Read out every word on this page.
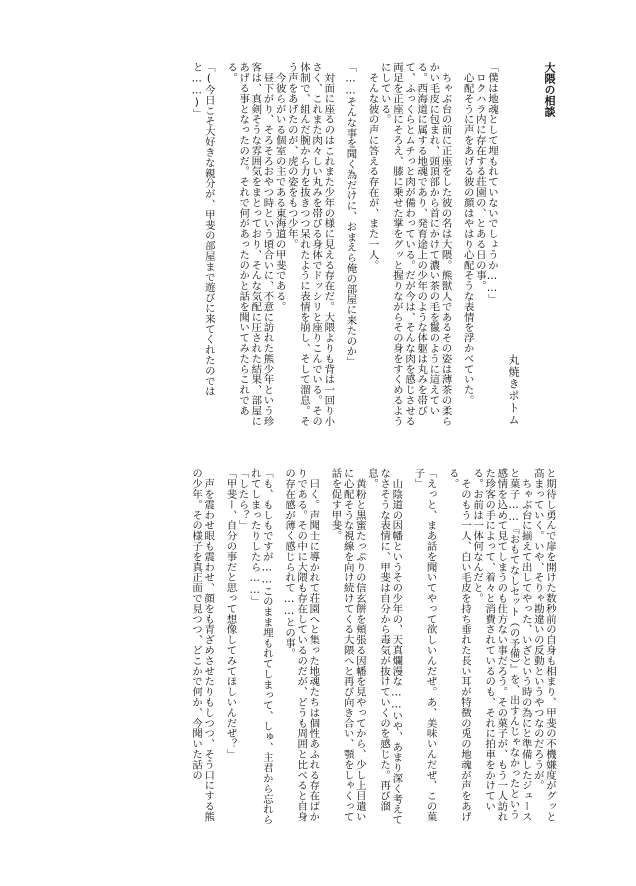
大隈の相談
丸焼きポトム
「僕は地魂として埋もれていないでしょうか……」
　ロクハラ内に存在する荘園の、とある日の事。
　心配そうに声をあげる彼の顔はやはり心配そうな表情を浮かべていた。
　ちゃぶ台の前に正座をした彼の名は大隈。熊獣人であるその姿は薄茶の柔らかい毛皮に包まれ、頭頂部から首にかけて濃い茶の毛を鬣のように這えている。西海道に属する地魂であり、発育途上の少年のような体躯は丸みを帯びて、ふっくらとムチっと肉が備わっている。だが今は、そんな肉を感じさせる両足を正座にそろえ、膝に乗せた掌をグッと握りながらその身をすくめるようにしている。
　そんな彼の声に答える存在が、また一人。
「……そんな事を聞く為だけに、おまえら俺の部屋に来たのか」
　対面に座るのはこれまた少年の様に見える存在だ。大隈よりも背は一回り小さく、これまた肉々しい丸みを帯びる身体でドッシリと座りこんでいる。その体制で、組んだ腕から力を抜きつつ呆れたように表情を崩し、そして溜息。そう声をあげたのが、虎の姿をもつ少年。
　今彼らがいる個室の主である東海道の甲斐である。
　昼下がり、そろそろおやつ時という頃合いに、不意に訪れた熊少年という珍客は、真剣そうな雰囲気をまとっており、そんな気配に圧された結果、部屋にあげる事となったのだ。それで何があったのかと話を聞いてみたらこれである。
「(今日こそ大好きな親分が、甲斐の部屋まで遊びに来てくれたのではと……)」
と期待し勇んで扉を開けた数秒前の自身も相まり、甲斐の不機嫌度がグッと高まっていく。いや、そりゃ勘違いの反動というやつなのだろうが。
　ちゃぶ台に揃えて出してやった、いざという時の為にと準備したジュースと菓子……『おもてなしセット（の予備）』を、出すんじゃなかったという感情を込めて見てしまうのも仕方ない事だろう。その菓子が、もう一人訪れた珍客の手によって、着々と消費されているのも、それに拍車をかけている。お前は一体何なんだと。
　そのもう一人、白い毛皮を持ち垂れた長い耳が特徴の兎の地魂が声をあげる。
「えっと、まあ話を聞いてやって欲しいんだぜ。あ、美味いんだぜ、この菓子」
　山陰道の因幡というその少年の、天真爛漫な……いや、あまり深く考えてなさそうな表情に、甲斐は自分から毒気が抜けていくのを感じた。再び溜息。
　黄粉と黒蜜たっぷりの信玄餅を頬張る因幡を見やってから、少し上目遣いに心配そうな視線を向け続けてくる大隈へと再び向き合い、顎をしゃくって話を促す甲斐。
　曰く。声聞士に導かれて荘園へと集った地魂たちは個性あふれる存在ばかりである。その中に大隈も存在しているのだが、どうも周囲と比べると自身の存在感が薄く感じられて……との事。
「も、もしもですが……このまま埋もれてしまって、しゅ、主君から忘れられてしまったりしたら……」
「したら？」
「甲斐ー、自分の事だと思って想像してみてほしいんだぜ？」
　声を震わせ眼も震わせ、顔をも青ざめさせたりもしつつ、そう口にする熊の少年。その様子を真正面で見つつ、どこかで何か、今聞いた話の
